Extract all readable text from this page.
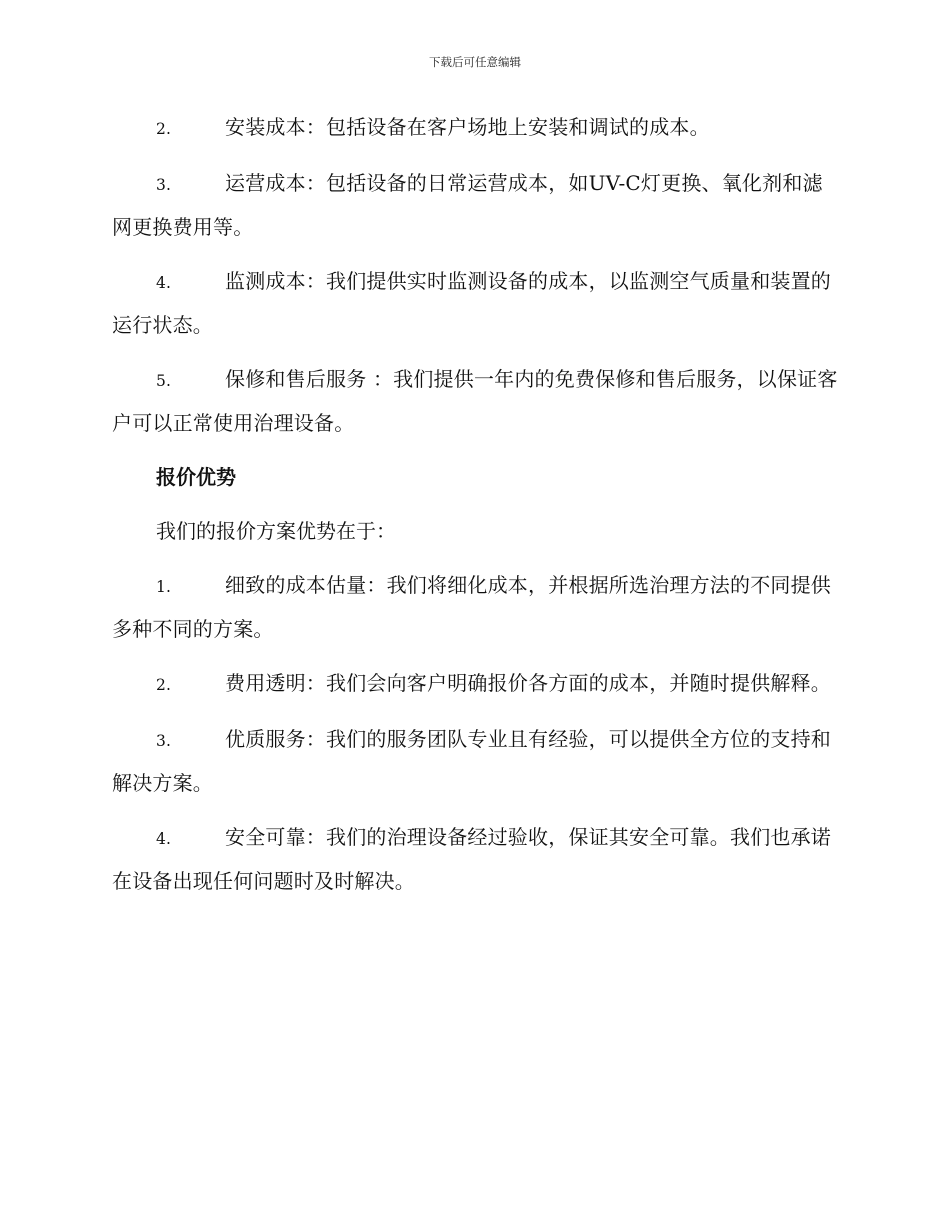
下载后可任意编辑

2.	安装成本：包括设备在客户场地上安装和调试的成本。

3.	运营成本：包括设备的日常运营成本，如UV-C灯更换、氧化剂和滤网更换费用等。

4.	监测成本：我们提供实时监测设备的成本，以监测空气质量和装置的运行状态。

5.	保修和售后服务 ：我们提供一年内的免费保修和售后服务，以保证客户可以正常使用治理设备。

报价优势

我们的报价方案优势在于：

1.	细致的成本估量：我们将细化成本，并根据所选治理方法的不同提供多种不同的方案。

2.	费用透明：我们会向客户明确报价各方面的成本，并随时提供解释。

3.	优质服务：我们的服务团队专业且有经验，可以提供全方位的支持和解决方案。

4.	安全可靠：我们的治理设备经过验收，保证其安全可靠。我们也承诺在设备出现任何问题时及时解决。
